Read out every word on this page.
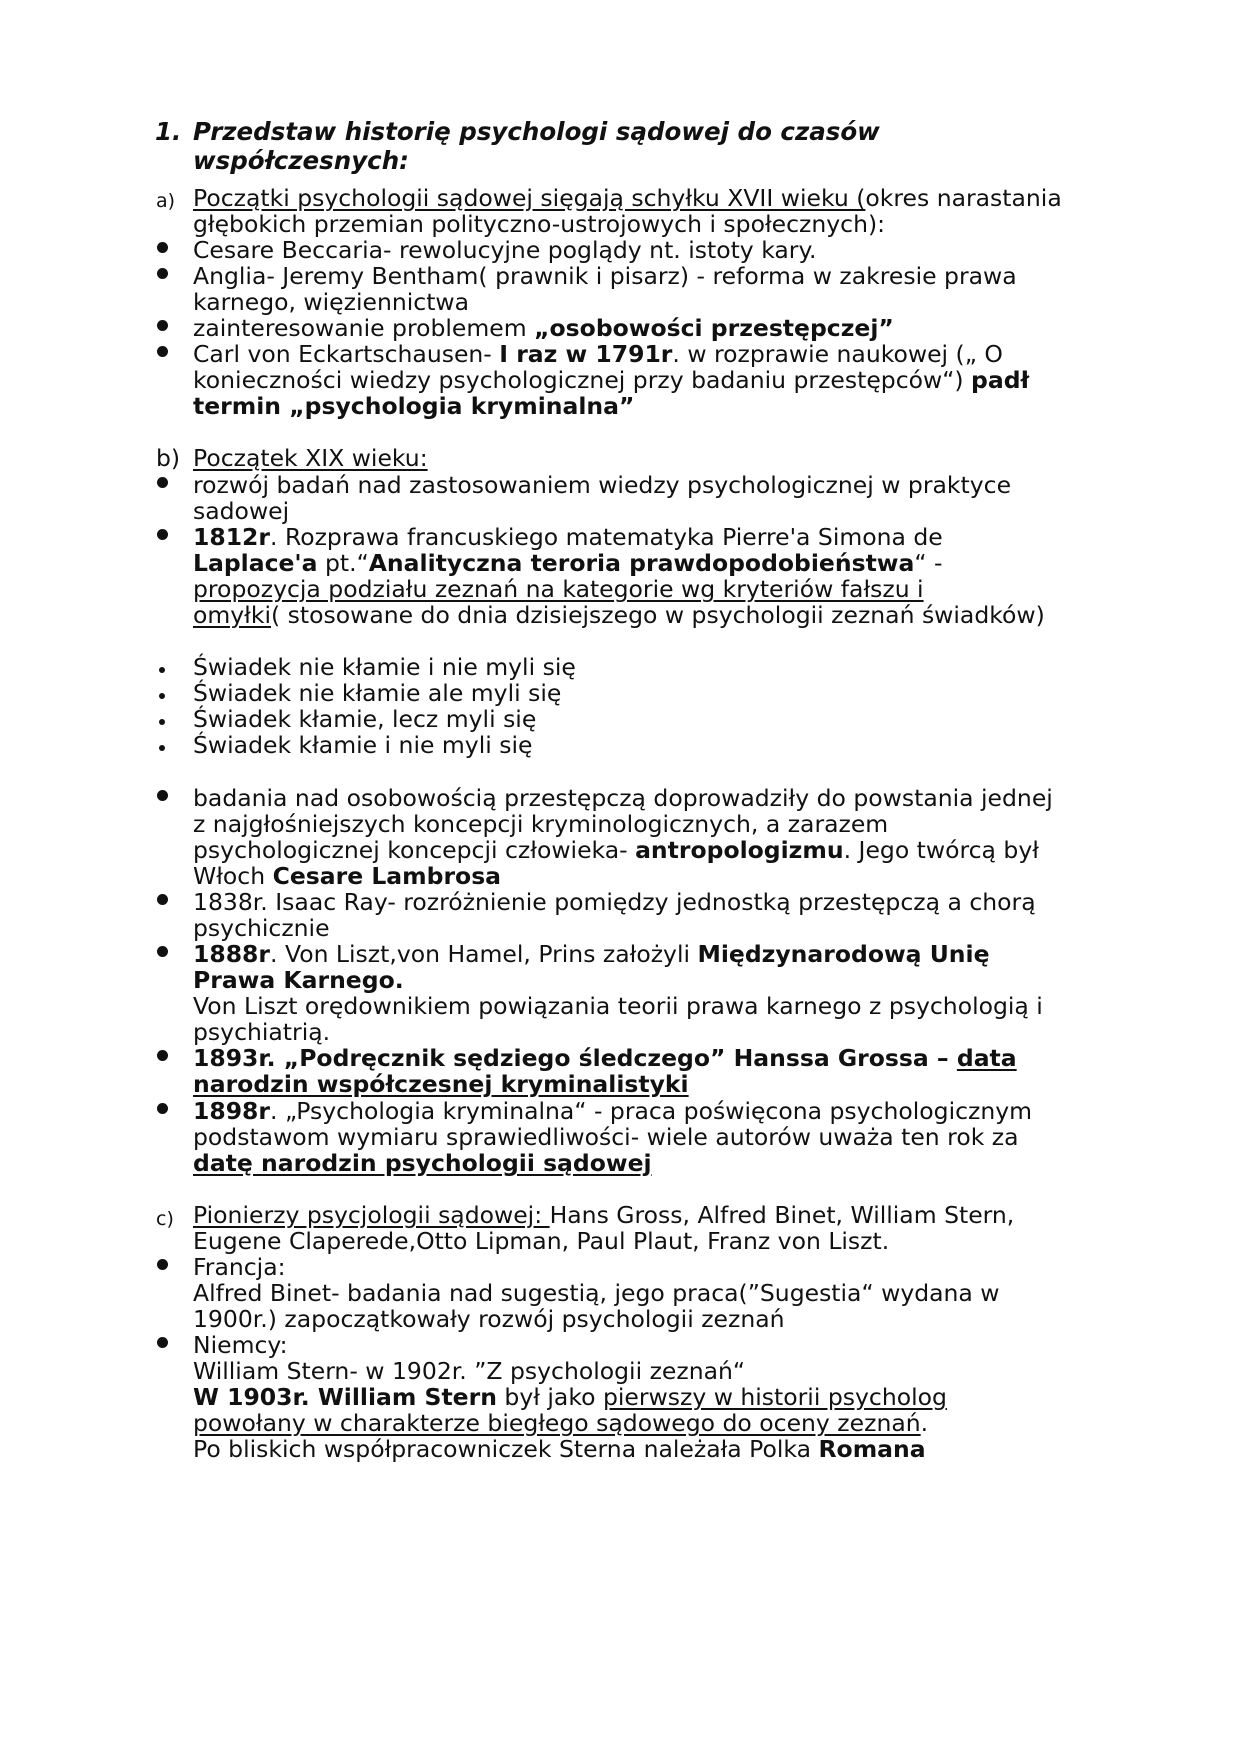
1. Przedstaw historię psychologi sądowej do czasów
współczesnych:
a) Początki psychologii sądowej sięgają schyłku XVII wieku (okres narastania
głębokich przemian polityczno-ustrojowych i społecznych):
Cesare Beccaria- rewolucyjne poglądy nt. istoty kary.
Anglia- Jeremy Bentham( prawnik i pisarz) - reforma w zakresie prawa
karnego, więziennictwa
zainteresowanie problemem „osobowości przestępczej”
Carl von Eckartschausen- I raz w 1791r. w rozprawie naukowej („ O
konieczności wiedzy psychologicznej przy badaniu przestępców“) padł
termin „psychologia kryminalna”
b) Początek XIX wieku:
rozwój badań nad zastosowaniem wiedzy psychologicznej w praktyce
sadowej
1812r. Rozprawa francuskiego matematyka Pierre'a Simona de
Laplace'a pt.“Analityczna teroria prawdopodobieństwa“ -
propozycja podziału zeznań na kategorie wg kryteriów fałszu i
omyłki( stosowane do dnia dzisiejszego w psychologii zeznań świadków)
Świadek nie kłamie i nie myli się
Świadek nie kłamie ale myli się
Świadek kłamie, lecz myli się
Świadek kłamie i nie myli się
badania nad osobowością przestępczą doprowadziły do powstania jednej
z najgłośniejszych koncepcji kryminologicznych, a zarazem
psychologicznej koncepcji człowieka- antropologizmu. Jego twórcą był
Włoch Cesare Lambrosa
1838r. Isaac Ray- rozróżnienie pomiędzy jednostką przestępczą a chorą
psychicznie
1888r. Von Liszt,von Hamel, Prins założyli Międzynarodową Unię
Prawa Karnego.
Von Liszt orędownikiem powiązania teorii prawa karnego z psychologią i
psychiatrią.
1893r. „Podręcznik sędziego śledczego” Hanssa Grossa – data
narodzin współczesnej kryminalistyki
1898r. „Psychologia kryminalna“ - praca poświęcona psychologicznym
podstawom wymiaru sprawiedliwości- wiele autorów uważa ten rok za
datę narodzin psychologii sądowej
c) Pionierzy psycjologii sądowej: Hans Gross, Alfred Binet, William Stern,
Eugene Claperede,Otto Lipman, Paul Plaut, Franz von Liszt.
Francja:
Alfred Binet- badania nad sugestią, jego praca(”Sugestia“ wydana w
1900r.) zapoczątkowały rozwój psychologii zeznań
Niemcy:
William Stern- w 1902r. ”Z psychologii zeznań“
W 1903r. William Stern był jako pierwszy w historii psycholog
powołany w charakterze biegłego sądowego do oceny zeznań.
Po bliskich współpracowniczek Sterna należała Polka Romana
